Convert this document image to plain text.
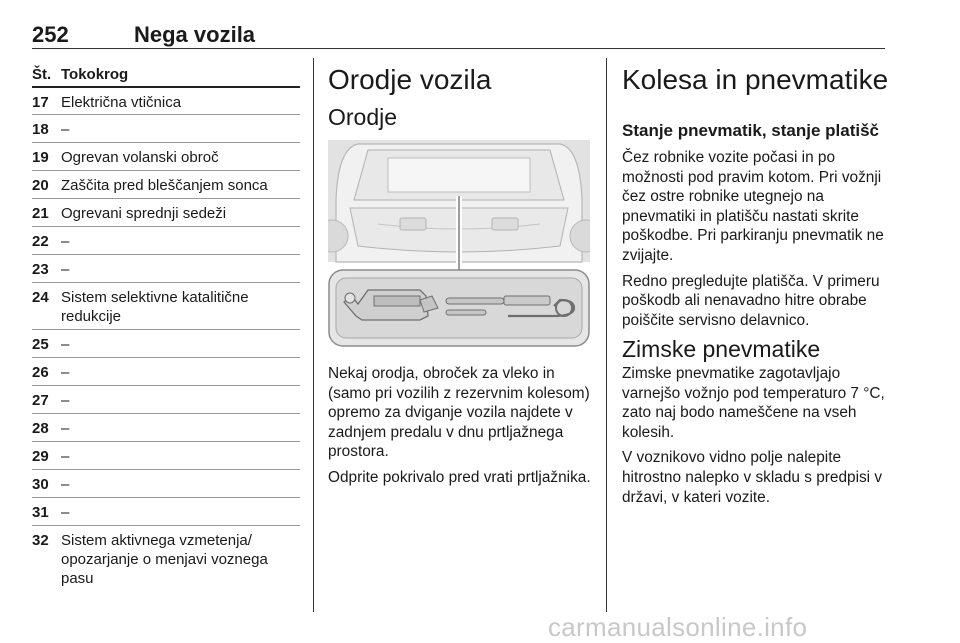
252	Nega vozila
Št. Tokokrog
17 Električna vtičnica
18 –
19 Ogrevan volanski obroč
20 Zaščita pred bleščanjem sonca
21 Ogrevani sprednji sedeži
22 –
23 –
24 Sistem selektivne katalitične redukcije
25 –
26 –
27 –
28 –
29 –
30 –
31 –
32 Sistem aktivnega vzmetenja/ opozarjanje o menjavi voznega pasu
Orodje vozila
Orodje

Nekaj orodja, obroček za vleko in (samo pri vozilih z rezervnim kolesom) opremo za dviganje vozila najdete v zadnjem predalu v dnu prtljažnega prostora.

Odprite pokrivalo pred vrati prtljažnika.

Kolesa in pnevmatike
Stanje pnevmatik, stanje platišč

Čez robnike vozite počasi in po možnosti pod pravim kotom. Pri vožnji čez ostre robnike utegnejo na pnevmatiki in platišču nastati skrite poškodbe. Pri parkiranju pnevmatik ne zvijajte.

Redno pregledujte platišča. V primeru poškodb ali nenavadno hitre obrabe poiščite servisno delavnico.

Zimske pnevmatike

Zimske pnevmatike zagotavljajo varnejšo vožnjo pod temperaturo 7 °C, zato naj bodo nameščene na vseh kolesih.

V voznikovo vidno polje nalepite hitrostno nalepko v skladu s predpisi v državi, v kateri vozite.

carmanualsonline.info
